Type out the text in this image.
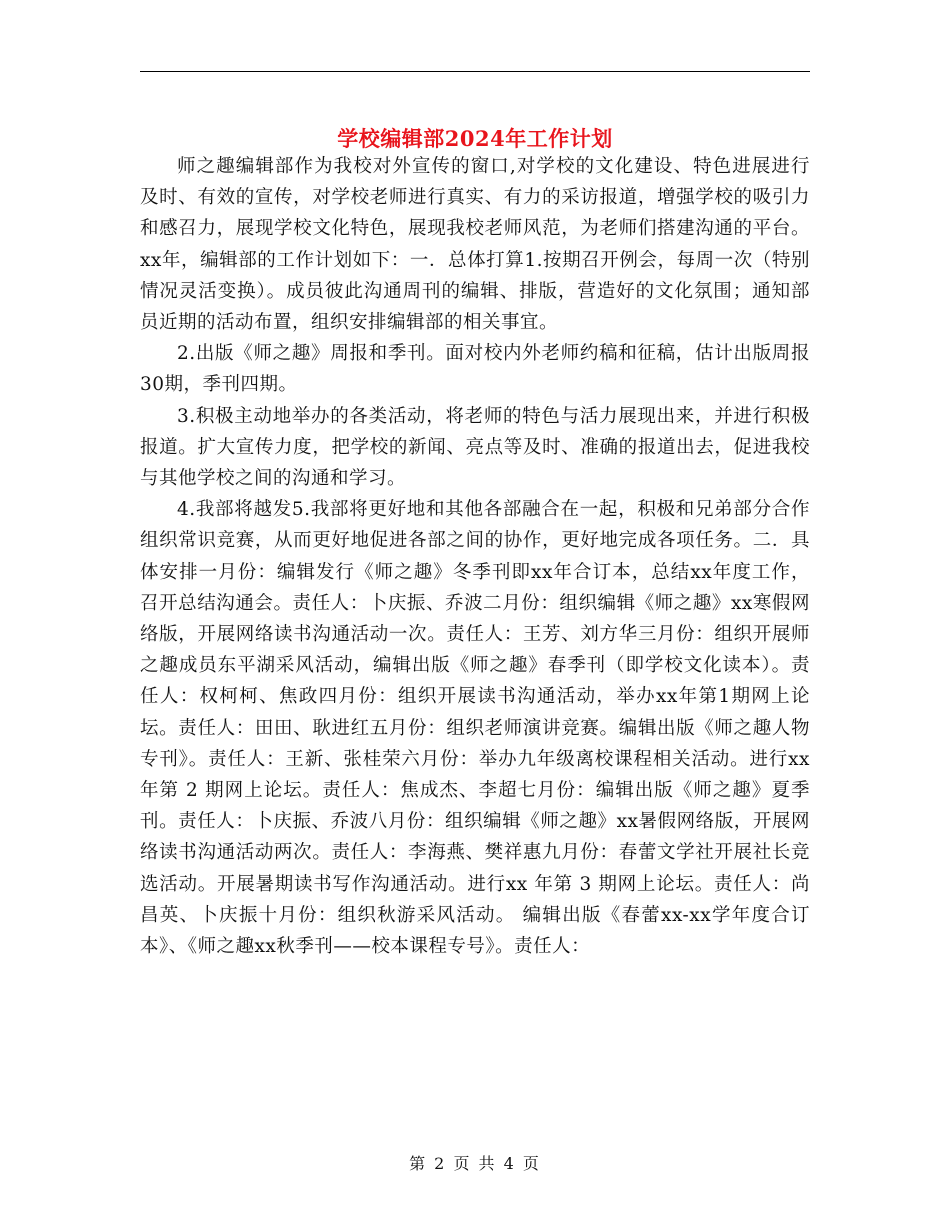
学校编辑部2024年工作计划

师之趣编辑部作为我校对外宣传的窗口,对学校的文化建设、特色进展进行及时、有效的宣传，对学校老师进行真实、有力的采访报道，增强学校的吸引力和感召力，展现学校文化特色，展现我校老师风范，为老师们搭建沟通的平台。xx年，编辑部的工作计划如下：一．总体打算1.按期召开例会，每周一次（特别情况灵活变换）。成员彼此沟通周刊的编辑、排版，营造好的文化氛围；通知部员近期的活动布置，组织安排编辑部的相关事宜。

2.出版《师之趣》周报和季刊。面对校内外老师约稿和征稿，估计出版周报30期，季刊四期。

3.积极主动地举办的各类活动，将老师的特色与活力展现出来，并进行积极报道。扩大宣传力度，把学校的新闻、亮点等及时、准确的报道出去，促进我校与其他学校之间的沟通和学习。

4.我部将越发5.我部将更好地和其他各部融合在一起，积极和兄弟部分合作组织常识竞赛，从而更好地促进各部之间的协作，更好地完成各项任务。二．具体安排一月份：编辑发行《师之趣》冬季刊即xx年合订本，总结xx年度工作，召开总结沟通会。责任人：卜庆振、乔波二月份：组织编辑《师之趣》xx寒假网络版，开展网络读书沟通活动一次。责任人：王芳、刘方华三月份：组织开展师之趣成员东平湖采风活动，编辑出版《师之趣》春季刊（即学校文化读本）。责任人：权柯柯、焦政四月份：组织开展读书沟通活动，举办xx年第1期网上论坛。责任人：田田、耿进红五月份：组织老师演讲竞赛。编辑出版《师之趣人物专刊》。责任人：王新、张桂荣六月份：举办九年级离校课程相关活动。进行xx 年第 2 期网上论坛。责任人：焦成杰、李超七月份：编辑出版《师之趣》夏季刊。责任人：卜庆振、乔波八月份：组织编辑《师之趣》xx暑假网络版，开展网络读书沟通活动两次。责任人：李海燕、樊祥惠九月份：春蕾文学社开展社长竞选活动。开展暑期读书写作沟通活动。进行xx 年第 3 期网上论坛。责任人：尚昌英、卜庆振十月份：组织秋游采风活动。 编辑出版《春蕾xx-xx学年度合订本》、《师之趣xx秋季刊——校本课程专号》。责任人：

第 2 页 共 4 页
